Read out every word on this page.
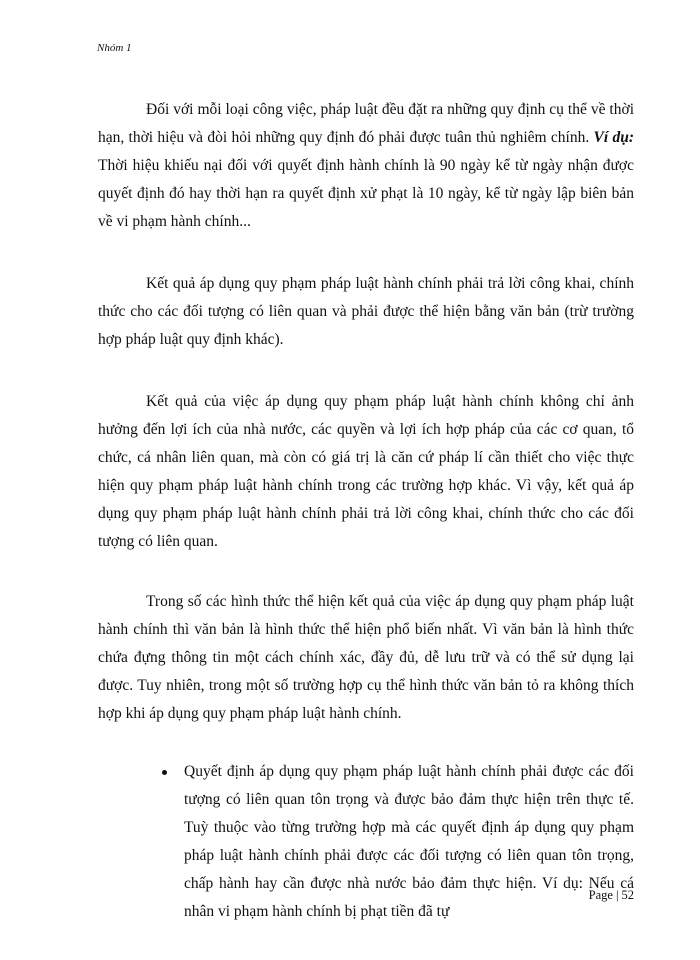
Nhóm 1

Đối với mỗi loại công việc, pháp luật đều đặt ra những quy định cụ thể về thời hạn, thời hiệu và đòi hỏi những quy định đó phải được tuân thủ nghiêm chính. Ví dụ: Thời hiệu khiếu nại đối với quyết định hành chính là 90 ngày kể từ ngày nhận được quyết định đó hay thời hạn ra quyết định xử phạt là 10 ngày, kể từ ngày lập biên bản về vi phạm hành chính...

Kết quả áp dụng quy phạm pháp luật hành chính phải trả lời công khai, chính thức cho các đối tượng có liên quan và phải được thể hiện bằng văn bản (trừ trường hợp pháp luật quy định khác).

Kết quả của việc áp dụng quy phạm pháp luật hành chính không chỉ ảnh hưởng đến lợi ích của nhà nước, các quyền và lợi ích hợp pháp của các cơ quan, tổ chức, cá nhân liên quan, mà còn có giá trị là căn cứ pháp lí cần thiết cho việc thực hiện quy phạm pháp luật hành chính trong các trường hợp khác. Vì vậy, kết quả áp dụng quy phạm pháp luật hành chính phải trả lời công khai, chính thức cho các đối tượng có liên quan.

Trong số các hình thức thể hiện kết quả của việc áp dụng quy phạm pháp luật hành chính thì văn bản là hình thức thể hiện phổ biến nhất. Vì văn bản là hình thức chứa đựng thông tin một cách chính xác, đầy đủ, dễ lưu trữ và có thể sử dụng lại được. Tuy nhiên, trong một số trường hợp cụ thể hình thức văn bản tỏ ra không thích hợp khi áp dụng quy phạm pháp luật hành chính.

Quyết định áp dụng quy phạm pháp luật hành chính phải được các đối tượng có liên quan tôn trọng và được bảo đảm thực hiện trên thực tế. Tuỳ thuộc vào từng trường hợp mà các quyết định áp dụng quy phạm pháp luật hành chính phải được các đối tượng có liên quan tôn trọng, chấp hành hay cần được nhà nước bảo đảm thực hiện. Ví dụ: Nếu cá nhân vi phạm hành chính bị phạt tiền đã tự

Page | 52
